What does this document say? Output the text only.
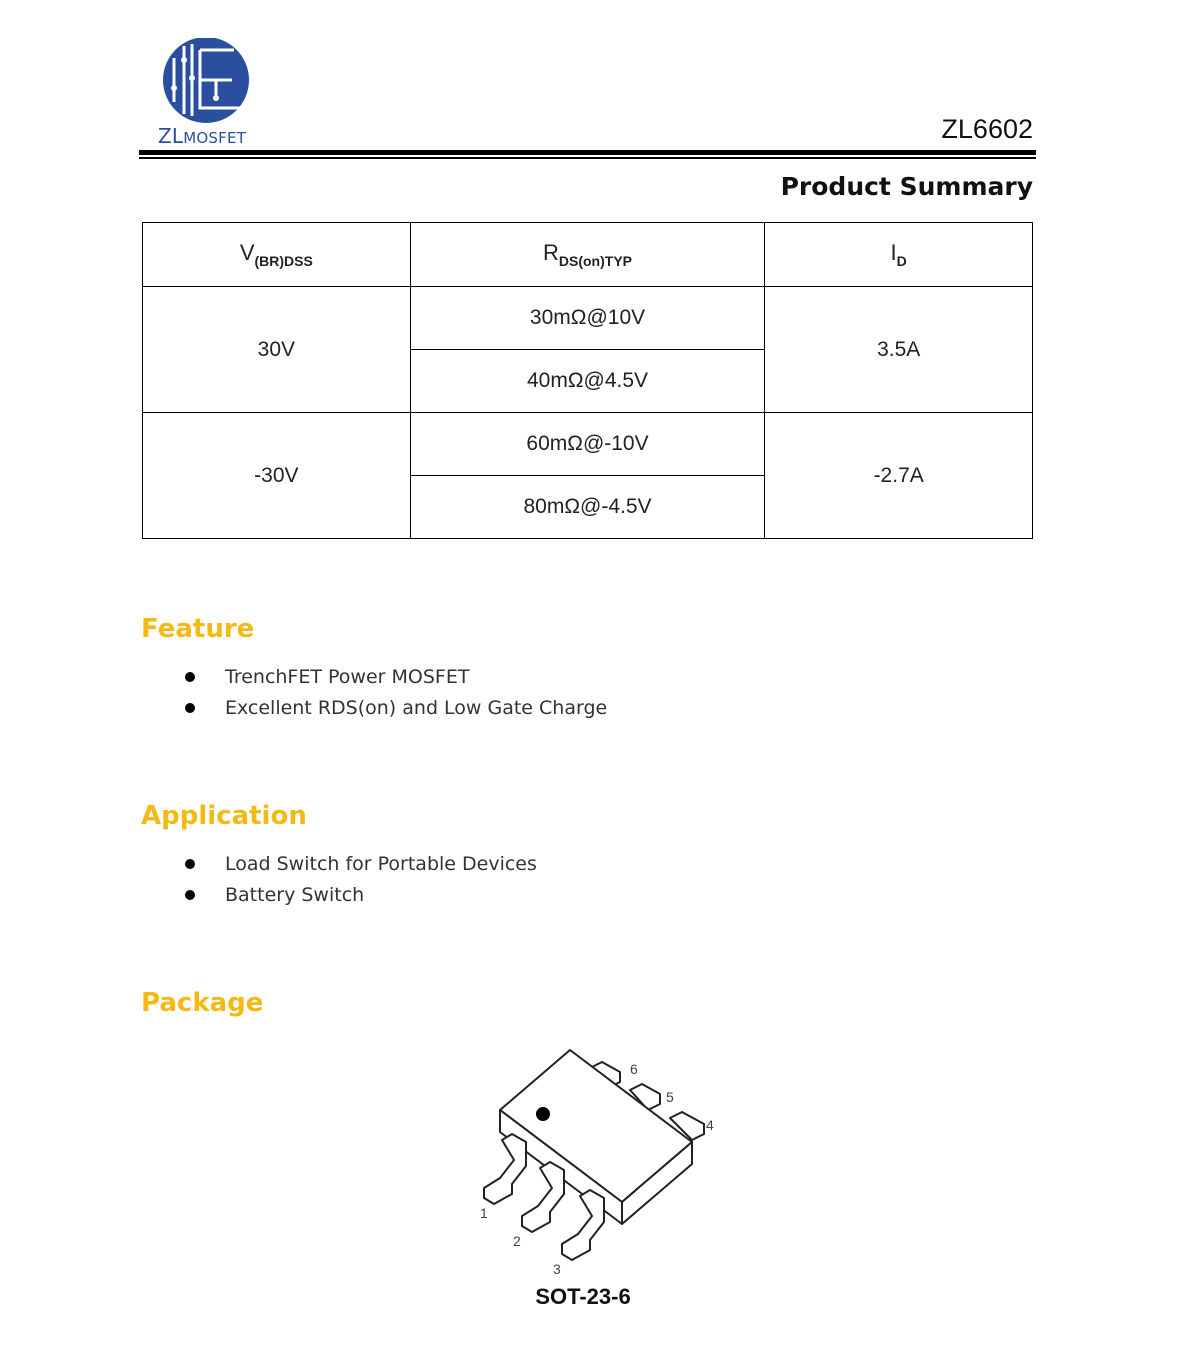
ZLMOSFET	ZL6602
Product Summary
$V_{(BR)DSS}$	$R_{DS(on)TYP}$	$I_D$
30V	30mΩ@10V	3.5A
	40mΩ@4.5V	
-30V	60mΩ@-10V	-2.7A
	80mΩ@-4.5V	
Feature
TrenchFET Power MOSFET
Excellent RDS(on) and Low Gate Charge
Application
Load Switch for Portable Devices
Battery Switch
Package
1
2
3
4
5
6
SOT-23-6
